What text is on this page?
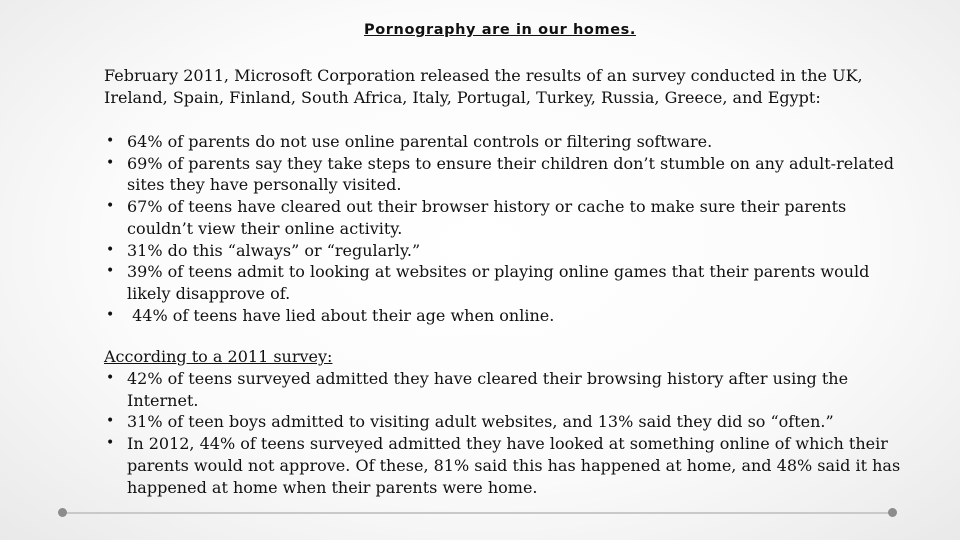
Pornography are in our homes.

February 2011, Microsoft Corporation released the results of an survey conducted in the UK, Ireland, Spain, Finland, South Africa, Italy, Portugal, Turkey, Russia, Greece, and Egypt:

• 64% of parents do not use online parental controls or filtering software.
• 69% of parents say they take steps to ensure their children don’t stumble on any adult-related sites they have personally visited.
• 67% of teens have cleared out their browser history or cache to make sure their parents couldn’t view their online activity.
• 31% do this “always” or “regularly.”
• 39% of teens admit to looking at websites or playing online games that their parents would likely disapprove of.
• 44% of teens have lied about their age when online.

According to a 2011 survey:

• 42% of teens surveyed admitted they have cleared their browsing history after using the Internet.
• 31% of teen boys admitted to visiting adult websites, and 13% said they did so “often.”
• In 2012, 44% of teens surveyed admitted they have looked at something online of which their parents would not approve. Of these, 81% said this has happened at home, and 48% said it has happened at home when their parents were home.
